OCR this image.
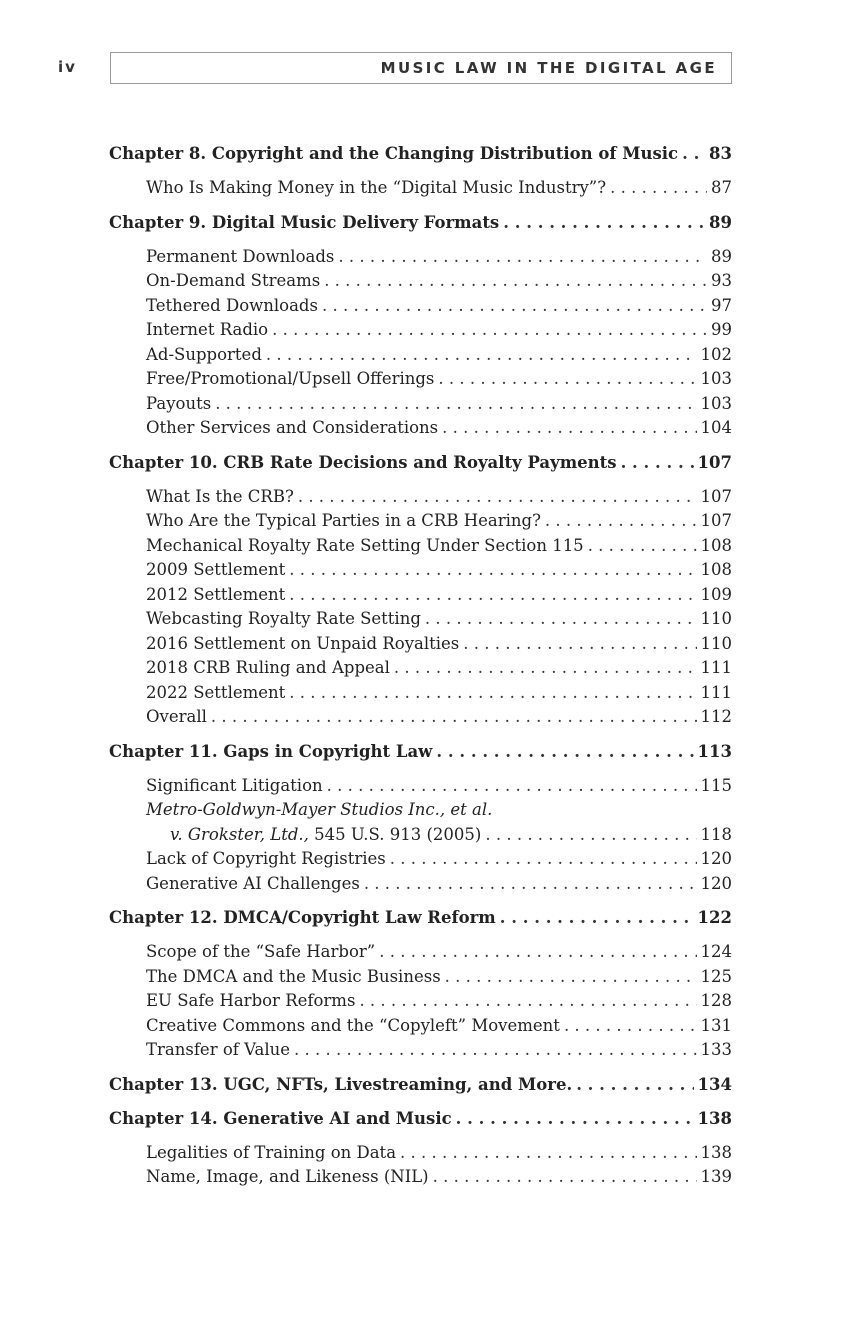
iv	MUSIC LAW IN THE DIGITAL AGE
Chapter 8. Copyright and the Changing Distribution of Music . . . 83
Who Is Making Money in the “Digital Music Industry”? . . .	87
Chapter 9. Digital Music Delivery Formats . . .	89
Permanent Downloads . . .	89
On-Demand Streams . . .	93
Tethered Downloads . . .	97
Internet Radio . . .	99
Ad-Supported . . .	102
Free/Promotional/Upsell Offerings . . .	103
Payouts . . .	103
Other Services and Considerations . . .	104
Chapter 10. CRB Rate Decisions and Royalty Payments . . .	107
What Is the CRB? . . .	107
Who Are the Typical Parties in a CRB Hearing? . . .	107
Mechanical Royalty Rate Setting Under Section 115 . . .	108
2009 Settlement . . .	108
2012 Settlement . . .	109
Webcasting Royalty Rate Setting . . .	110
2016 Settlement on Unpaid Royalties . . .	110
2018 CRB Ruling and Appeal . . .	111
2022 Settlement . . .	111
Overall . . .	112
Chapter 11. Gaps in Copyright Law . . .	113
Significant Litigation . . .	115
Metro-Goldwyn-Mayer Studios Inc., et al.
v. Grokster, Ltd., 545 U.S. 913 (2005) . . .	118
Lack of Copyright Registries . . .	120
Generative AI Challenges . . .	120
Chapter 12. DMCA/Copyright Law Reform . . .	122
Scope of the “Safe Harbor” . . .	124
The DMCA and the Music Business . . .	125
EU Safe Harbor Reforms . . .	128
Creative Commons and the “Copyleft” Movement . . .	131
Transfer of Value . . .	133
Chapter 13. UGC, NFTs, Livestreaming, and More. . . .	134
Chapter 14. Generative AI and Music . . .	138
Legalities of Training on Data . . .	138
Name, Image, and Likeness (NIL) . . .	139
